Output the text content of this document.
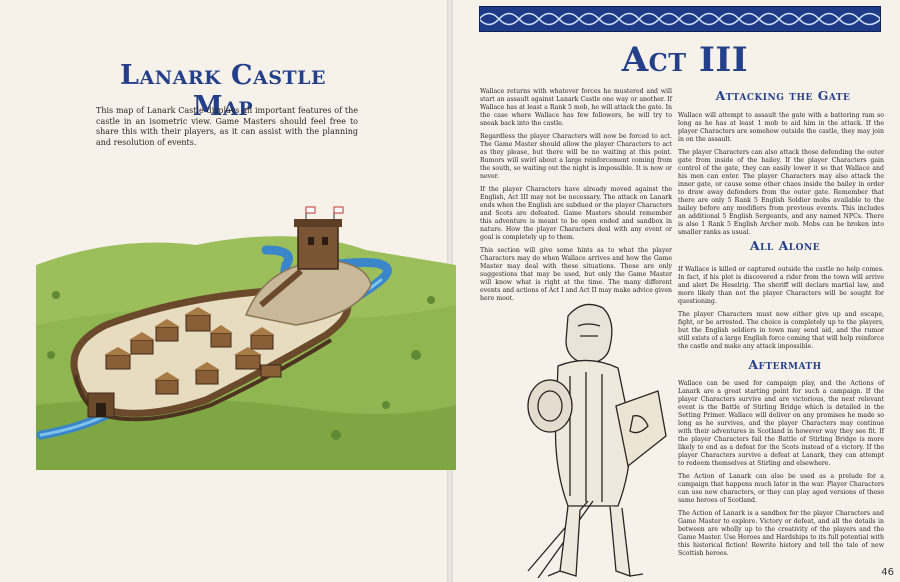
Lanark Castle Map
This map of Lanark Castle displays all important features of the castle in an isometric view. Game Masters should feel free to share this with their players, as it can assist with the planning and resolution of events.
Act III

Wallace returns with whatever forces he mustered and will start an assault against Lanark Castle one way or another. If Wallace has at least a Rank 5 mob, he will attack the gate. In the case where Wallace has few followers, he will try to sneak back into the castle.

Regardless the player Characters will now be forced to act. The Game Master should allow the player Characters to act as they please, but there will be no waiting at this point. Rumors will swirl about a large reinforcement coming from the south, so waiting out the night is impossible. It is now or never.

If the player Characters have already moved against the English, Act III may not be necessary. The attack on Lanark ends when the English are subdued or the player Characters and Scots are defeated. Game Masters should remember this adventure is meant to be open ended and sandbox in nature. How the player Characters deal with any event or goal is completely up to them.

This section will give some hints as to what the player Characters may do when Wallace arrives and how the Game Master may deal with these situations. These are only suggestions that may be used, but only the Game Master will know what is right at the time. The many different events and actions of Act I and Act II may make advice given here moot.

Attacking the Gate

Wallace will attempt to assault the gate with a battering ram so long as he has at least 1 mob to aid him in the attack. If the player Characters are somehow outside the castle, they may join in on the assault.

The player Characters can also attack those defending the outer gate from inside of the bailey. If the player Characters gain control of the gate, they can easily lower it so that Wallace and his men can enter. The player Characters may also attack the inner gate, or cause some other chaos inside the bailey in order to draw away defenders from the outer gate. Remember that there are only 5 Rank 5 English Soldier mobs available to the bailey before any modifiers from previous events. This includes an additional 5 English Sergeants, and any named NPCs. There is also 1 Rank 5 English Archer mob. Mobs can be broken into smaller ranks as usual.

All Alone

If Wallace is killed or captured outside the castle no help comes. In fact, if his plot is discovered a rider from the town will arrive and alert De Heselrig. The sheriff will declare martial law, and more likely than not the player Characters will be sought for questioning.

The player Characters must now either give up and escape, fight, or be arrested. The choice is completely up to the players, but the English soldiers in town may send aid, and the rumor still exists of a large English force coming that will help reinforce the castle and make any attack impossible.

Aftermath

Wallace can be used for campaign play, and the Actions of Lanark are a great starting point for such a campaign. If the player Characters survive and are victorious, the next relevant event is the Battle of Stirling Bridge which is detailed in the Setting Primer. Wallace will deliver on any promises he made so long as he survives, and the player Characters may continue with their adventures in Scotland in however way they see fit. If the player Characters fail the Battle of Stirling Bridge is more likely to end as a defeat for the Scots instead of a victory. If the player Characters survive a defeat at Lanark, they can attempt to redeem themselves at Stirling and elsewhere.

The Action of Lanark can also be used as a prelude for a campaign that happens much later in the war. Player Characters can use new characters, or they can play aged versions of these same heroes of Scotland.

The Action of Lanark is a sandbox for the player Characters and Game Master to explore. Victory or defeat, and all the details in between are wholly up to the creativity of the players and the Game Master. Use Heroes and Hardships to its full potential with this historical fiction! Rewrite history and tell the tale of new Scottish heroes.

46
